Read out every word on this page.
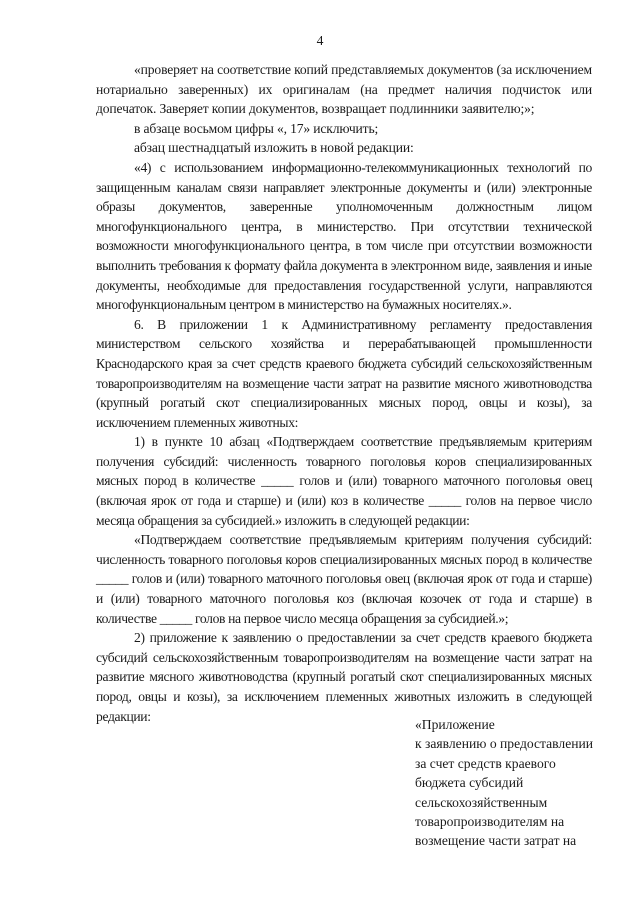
4

«проверяет на соответствие копий представляемых документов (за исключением нотариально заверенных) их оригиналам (на предмет наличия подчисток или допечаток. Заверяет копии документов, возвращает подлинники заявителю;»;

в абзаце восьмом цифры «, 17» исключить;

абзац шестнадцатый изложить в новой редакции:

«4) с использованием информационно-телекоммуникационных технологий по защищенным каналам связи направляет электронные документы и (или) электронные образы документов, заверенные уполномоченным должностным лицом многофункционального центра, в министерство. При отсутствии технической возможности многофункционального центра, в том числе при отсутствии возможности выполнить требования к формату файла документа в электронном виде, заявления и иные документы, необходимые для предоставления государственной услуги, направляются многофункциональным центром в министерство на бумажных носителях.».

6. В приложении 1 к Административному регламенту предоставления министерством сельского хозяйства и перерабатывающей промышленности Краснодарского края за счет средств краевого бюджета субсидий сельскохозяйственным товаропроизводителям на возмещение части затрат на развитие мясного животноводства (крупный рогатый скот специализированных мясных пород, овцы и козы), за исключением племенных животных:

1) в пункте 10 абзац «Подтверждаем соответствие предъявляемым критериям получения субсидий: численность товарного поголовья коров специализированных мясных пород в количестве _____ голов и (или) товарного маточного поголовья овец (включая ярок от года и старше) и (или) коз в количестве _____ голов на первое число месяца обращения за субсидией.» изложить в следующей редакции:

«Подтверждаем соответствие предъявляемым критериям получения субсидий: численность товарного поголовья коров специализированных мясных пород в количестве _____ голов и (или) товарного маточного поголовья овец (включая ярок от года и старше) и (или) товарного маточного поголовья коз (включая козочек от года и старше) в количестве _____ голов на первое число месяца обращения за субсидией.»;

2) приложение к заявлению о предоставлении за счет средств краевого бюджета субсидий сельскохозяйственным товаропроизводителям на возмещение части затрат на развитие мясного животноводства (крупный рогатый скот специализированных мясных пород, овцы и козы), за исключением племенных животных изложить в следующей редакции:

«Приложение
к заявлению о предоставлении
за счет средств краевого
бюджета субсидий
сельскохозяйственным
товаропроизводителям на
возмещение части затрат на
